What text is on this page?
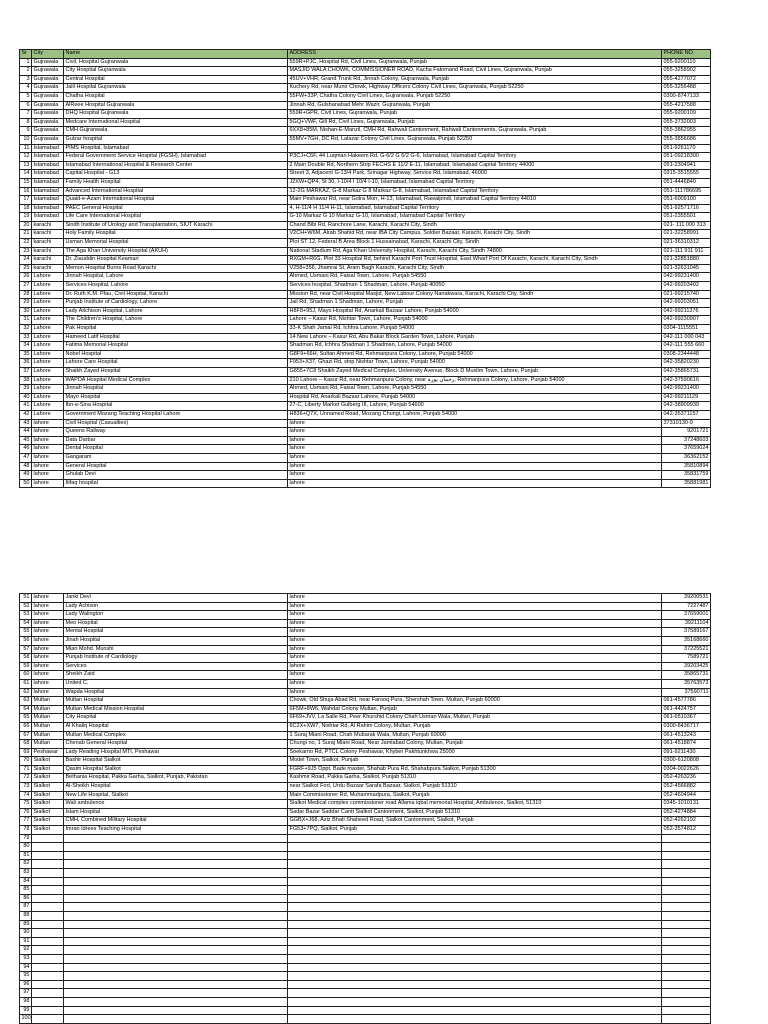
Sr	City	Name	ADDRESS	PHONE NO.
1	Gujrawala	Civil, Hospital Gujranwala	559R+PJC, Hospital Rd, Civil Lines, Gujranwala, Punjab	055-9200110
2	Gujrawala	City Hospital Gujranwala	MASJID WALA CHOWK, COMMISSIONER ROAD, Kacha Fatomand Road, Civil Lines, Gujranwala, Punjab	055-3258902
3	Gujrawala	Central Hospital	45UV+VHR, Grand Trunk Rd, Jinnah Colony, Gujranwala, Punjab	055-4277072
4	Gujrawala	Jalil Hospital Gujranwala	Kuchery Rd, near Munir Chowk, Highway Officers Colony Civil Lines, Gujranwala, Punjab 52250	055-3256488
5	Gujrawala	Chatha Hospital	55FW+33P, Chatha Colony Civil Lines, Gujranwala, Punjab 52250	0300-8747133
6	Gujrawala	AlReee Hospital Gujranwala	Jinnah Rd, Gulshanabad Mehr Wazir, Gujranwala, Punjab	055-4217588
7	Gujrawala	DHQ Hospital Gujranwala	559R+GPR, Civil Lines, Gujranwala, Punjab	055-9200109
8	Gujrawala	Medcare International Hospital	5GQ+VWF, Gill Rd, Civil Lines, Gujranwala, Punjab	055-3732003
9	Gujrawala	CMH Gujranwala	6XX8+85M, Nishan-E-Manzil, CMH Rd, Rahwali Cantonment, Rahwali Cantonments, Gujranwala, Punjab	055-3862955
10	Gujrawala	Gulzar hospital	55MV+7GH, DC Rd, Lalazar Colony Civil Lines, Gujranwala, Punjab 52250	055-3856686
11	Islamabad	PIMS Hospital, Islamabad		051-9261170
12	Islamabad	Federal Government Service Hospital (FGSH), Islamabad	P3CJ+C6F, 44 Luqman Hakeem Rd, G-6/2 G 6/2 G-6, Islamabad, Islamabad Capital Territory	051-09218300
13	Islamabad	Islamabad International Hospital & Research Center	2 Main Double Rd, Northern Strip FECHS E 11/2 E-11, Islamabad, Islamabad Capital Territory 44000	051-2304941
14	Islamabad	Capital Hospital - G13	Street 3, Adjacent G-13/4 Park, Srinagar Highway, Service Rd, Islamabad, 46000	0315-3515555
15	Islamabad	Family Health Hospital	J2XW+QP4, St 30, I-10/4 I 10/4 I-10, Islamabad, Islamabad Capital Territory	051-4446840
16	Islamabad	Advanced International Hospital	12-2G MARKAZ, G-8 Markaz G 8 Markaz G-8, Islamabad, Islamabad Capital Territory	051-111786695
17	Islamabad	Quaid-e-Azam International Hospital	Main Peshawar Rd, near Golra Morr, H-13, Islamabad, Rawalpindi, Islamabad Capital Territory 44010	051-6009100
18	Islamabad	PAEC General Hospital	4, H-11/4 H 11/4 H-11, Islamabad, Islamabad Capital Territory	051-92571716
19	Islamabad	Life Care International Hospital	G-10 Markaz G 10 Markaz G-10, Islamabad, Islamabad Capital Territory	051-2355501
20	karachi	Sindh Institute of Urology and Transplantation, SIUT Karachi	Chand Bibi Rd, Ranchore Lane, Karachi, Karachi City, Sindh	021- 111 000 313
21	karachi	Holy Family Hospital	V2CH+W6M, Alrab Shahid Rd, near IBA City Campus, Soldier Bazaar, Karachi, Karachi City, Sindh	021-32258991
22	karachi	Usman Memorial Hospital	Plot ST 12, Federal B Area Block 1 Hussainabad, Karachi, Karachi City, Sindh	021-36310312
23	karachi	The Aga Khan University Hospital (AKUH)	National Stadium Rd, Aga Khan University Hospital, Karachi, Karachi City, Sindh 74800	021-111 911 911
24	karachi	Dr. Ziauddin Hospital Keamari	RXGM+R6G, Plot 33 Hospital Rd, behind Karachi Port Trust Hospital, East Wharf Port Of Karachi, Karachi, Karachi City, Sindh	021-32851880
25	karachi	Memon Hospital Burns Road Karachi	V258+356, Jhamrai St, Aram Bagh Karachi, Karachi City, Sindh	021-32631045
26	Lahore	Jinnah Hospital, Lahore	Ahmed, Usmani Rd, Faisal Town, Lahore, Punjab 54550	042-99231400
27	Lahore	Services Hospital, Lahore	Services hospital, Shadman 1 Shadman, Lahore, Punjab 40050	042-99203402
28	Lahore	Dr. Ruth K.M. Pfau, Civil Hospital, Karachi	Mission Rd, near Civil Hospital Masjid, New Labour Colony Nanakwara, Karachi, Karachi City, Sindh	021-99215740
29	Lahore	Punjab Institute of Cardiology, Lahore	Jail Rd, Shadman 1 Shadman, Lahore, Punjab	042-99203051
30	Lahore	Lady Aitchison Hospital, Lahore	H8F8+95J, Mayo Hospital Rd, Anarkali Bazaar Lahore, Punjab 54000	042-99211376
31	Lahore	The Children's Hospital, Lahore	Lahore – Kasur Rd, Nishtar Town, Lahore, Punjab 54000	042-99230907
32	Lahore	Pak Hospital	33-K Shah Jamal Rd, Ichhra Lahore, Punjab 54000	0304-1115551
33	Lahore	Hameed Latif Hospital	14 New Lahore – Kasur Rd, Abu Bakar Block Garden Town, Lahore, Punjab	042-111 000 043
34	Lahore	Fatima Memorial Hospital	Shadman Rd, Ichhra Shadman 1 Shadman, Lahore, Punjab 54000	042-111 555 660
35	Lahore	Nobel Hospital	G8F9+66H, Sultan Ahmed Rd, Rehmanpura Colony, Lahore, Punjab 54000	0308-2344448
36	Lahore	Lahore Care Hospital	F953+X37, Ghazi Rd, stop Nishtar Town, Lahore, Punjab 54000	042-35820230
37	Lahore	Shaikh Zayed Hospital	G855+7C8 Shaikh Zayed Medical Complex، University Avenue, Block D Muslim Town, Lahore, Punjab	042-35865731
38	Lahore	WAPDA Hospital Medical Complex	210 Lahore – Kasur Rd, near Rehmanpura Colony, near رحمان پورہ, Rehmanpura Colony, Lahore, Punjab 54000	042-37590616
39	Lahore	Jinnah Hospital	Ahmed, Usmani Rd, Faisal Town, Lahore, Punjab 54550	042-99231400
40	Lahore	Mayo Hospital	Hospital Rd, Anarkali Bazaar Lahore, Punjab 54000	042-99211129
41	Lahore	Ibn-e-Sina Hospital	27-C, Liberty Market Gulberg III, Lahore, Punjab 54600	042-38909939
42	Lahore	Government Mozang Teaching Hospital Lahore	H836+Q7X, Unnamed Road, Mozang Chungi, Lahore, Punjab 54000	042-35371157
43	lahore	Civil Hospital (Casualties)	lahore	37310130-9
44	lahore	Queens Railway	lahore	9201721
45	lahore	Data Darbar	lahore	37248603
46	lahore	Dental Hospital	lahore	37659024
47	lahore	Gangaram	lahore	36362152
48	lahore	General Hospital	lahore	35810894
49	lahore	Ghulab Devi	lahore	35831759
50	lahore	Itifaq hospital	lahore	35881981
51	lahore	Janki Devi	lahore	39200531
52	lahore	Lady Achison	lahore	7227487
53	lahore	Lady Walington	lahore	37659001
54	lahore	Meo Hospital	lahore	39211104
55	lahore	Mental Hospital	lahore	37589167
56	lahore	Jinah Hospital	lahore	35168660
57	lahore	Mian Mohd. Munshi	lahore	37225521
58	lahore	Punjab Institute of Cardiology	lahore	7589721
59	lahore	Services	lahore	39203425
60	lahore	Sheikh Zaid	lahore	35865731
61	lahore	United C.	lahore	35763573
62	lahore	Wapda Hospital	lahore	37590711
63	Multan	Multan Hospital	Chowk, Old Shuja Abad Rd, near Farooq Pura, Shershah Town, Multan, Punjab 60000	061-4577786
64	Multan	Multan Medical Mission Hospital	6F5M+8W6, Wahdat Colony Multan, Punjab	061-4424757
65	Multan	City Hospital	6F69+JVV, La Salle Rd, Peer Khurshid Colony Chah Usman Wala, Multan, Punjab	061-6510367
66	Multan	Al Khaliq Hospital	6C2X+XW7, Nishtar Rd, Al Rahim Colony, Multan, Punjab	0300-8436717
67	Multan	Multan Medical Complex	1 Suraj Miani Road, Chah Mubarak Wala, Multan, Punjab 60000	061-4513243
68	Multan	Chenab General Hospital	Chungi no, 1 Suraj Miani Road, Near Jamlabad Colony, Multan, Punjab	061-4518874
69	Peshawar	Lady Reading Hospital MTI, Peshawar	Soekarno Rd, PTCL Colony Peshawar, Khyber Pakhtunkhwa 25000	091-9211430
70	Sialkot	Bashir Hospital Sialkot	Model Town, Sialkot, Punjab	0300-6120808
71	Sialkot	Qasim Hospital Sialkot	FGRF+9J5 Oppt. Bade master, Shahab Pura Rd, Shahabpura Sialkot, Punjab 51300	0304-0022626
72	Sialkot	Bethania Hospital, Pakka Garha, Sialkot, Punjab, Pakistan	Kashmir Road, Pakka Garha, Sialkot, Punjab 51310	052-4263236
73	Sialkot	Al-Sheikh Hospital	near Sialkot Fort, Urdu Bazaar Sarafa Bazaar, Sialkot, Punjab 51310	052-4566882
74	Sialkot	New Life Hospital, Sialkot	Main Commissioner Rd, Muhammadpura, Sialkot, Punjab	052-4604944
75	Sialkot	Wali ambulence	Sialkot Medical complex commissioner road Allama iqbal memorial Hospital, Ambulence, Sialkot, 51310	0345-1010131
76	Sialkot	Islam Hospital	Sadar Bazar Saddar Cantt Sialkot Cantonment, Sialkot, Punjab 51310	052-4274884
77	Sialkot	CMH, Combined Military Hospital	GGBX+J68, Aziz Bhati Shaheed Road, Sialkot Cantonment, Sialkot, Punjab	052-4262192
78	Sialkot	Imran Idrees Teaching Hospital	FG53+7PQ, Sialkot, Punjab	052-3574812
79				
80				
81				
82				
83				
84				
85				
86				
87				
88				
89				
90				
91				
92				
93				
94				
95				
96				
97				
98				
99				
100				
